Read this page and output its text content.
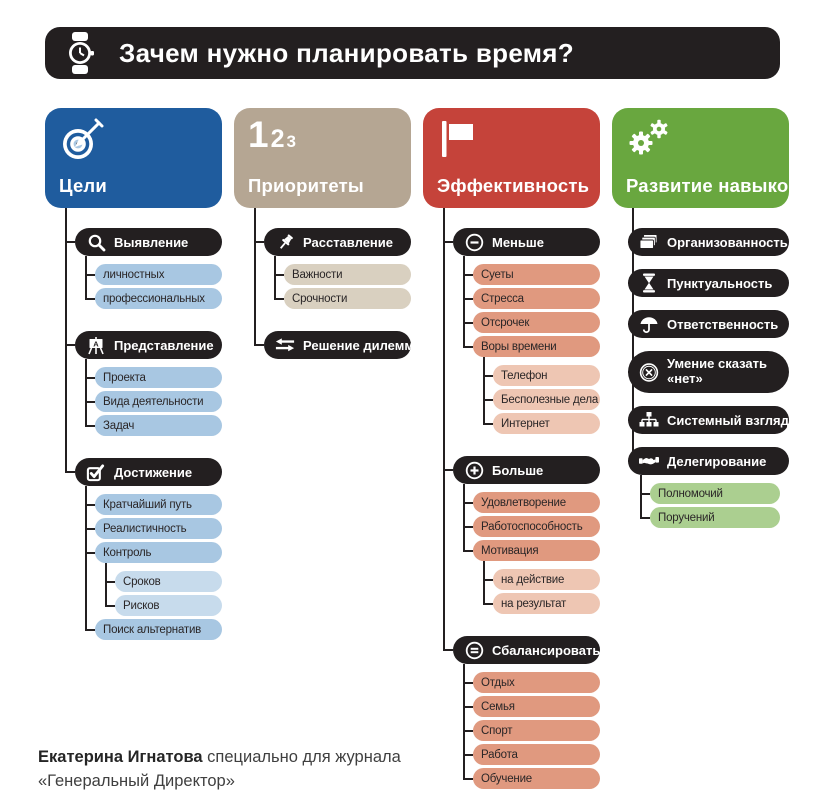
Зачем нужно планировать время?
Екатерина Игнатова специально для журнала
«Генеральный Директор»
Цели
Выявление
личностных
профессиональных
А Представление
Проекта
Вида деятельности
Задач
Достижение
Кратчайший путь
Реалистичность
Контроль
Сроков
Рисков
Поиск альтернатив
1 2 3
Приоритеты
Расставление
Важности
Срочности
Решение дилемм
Эффективность
Меньше
Суеты
Стресса
Отсрочек
Воры времени
Телефон
Бесполезные дела
Интернет
Больше
Удовлетворение
Работоспособность
Мотивация
на действие
на результат
Сбалансировать
Отдых
Семья
Спорт
Работа
Обучение
Развитие навыков
Организованность
Пунктуальность
Ответственность
Умение сказать «нет»
Системный взгляд
Делегирование
Полномочий
Поручений
